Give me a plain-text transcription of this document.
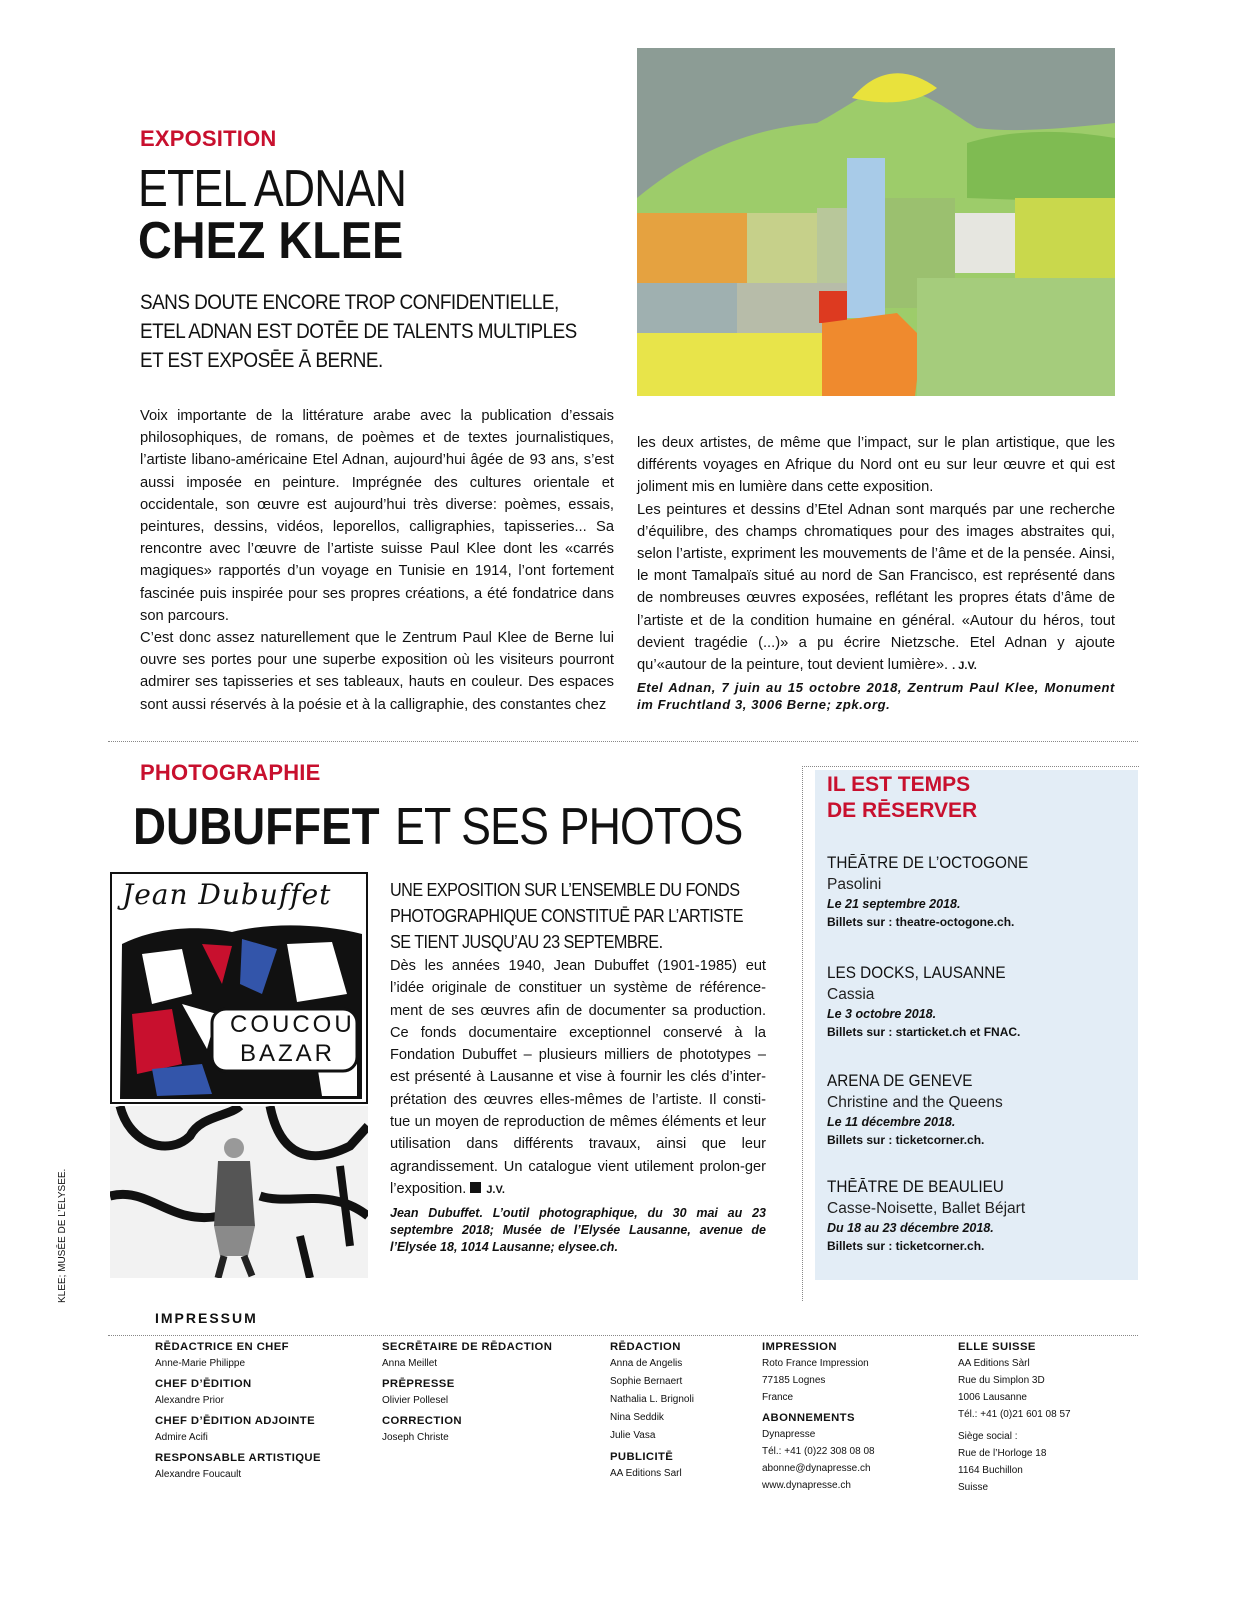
EXPOSITION
ETEL ADNAN
CHEZ KLEE
SANS DOUTE ENCORE TROP CONFIDENTIELLE,
ETEL ADNAN EST DOTĒE DE TALENTS MULTIPLES
ET EST EXPOSĒE Ā BERNE.

Voix importante de la littérature arabe avec la publication d’essais philosophiques, de romans, de poèmes et de textes journalistiques, l’artiste libano-américaine Etel Adnan, aujourd’hui âgée de 93 ans, s’est aussi imposée en peinture. Imprégnée des cultures orientale et occidentale, son œuvre est aujourd’hui très diverse: poèmes, essais, peintures, dessins, vidéos, leporellos, calligraphies, tapisseries... Sa rencontre avec l’œuvre de l’artiste suisse Paul Klee dont les «carrés magiques» rapportés d’un voyage en Tunisie en 1914, l’ont fortement fascinée puis inspirée pour ses propres créations, a été fondatrice dans son parcours.

C’est donc assez naturellement que le Zentrum Paul Klee de Berne lui ouvre ses portes pour une superbe exposition où les visiteurs pourront admirer ses tapisseries et ses tableaux, hauts en couleur. Des espaces sont aussi réservés à la poésie et à la calligraphie, des constantes chez

les deux artistes, de même que l’impact, sur le plan artistique, que les différents voyages en Afrique du Nord ont eu sur leur œuvre et qui est joliment mis en lumière dans cette exposition.

Les peintures et dessins d’Etel Adnan sont marqués par une recherche d’équilibre, des champs chromatiques pour des images abstraites qui, selon l’artiste, expriment les mouvements de l’âme et de la pensée. Ainsi, le mont Tamalpaïs situé au nord de San Francisco, est représenté dans de nombreuses œuvres exposées, reflétant les propres états d’âme de l’artiste et de la condition humaine en général. «Autour du héros, tout devient tragédie (...)» a pu écrire Nietzsche. Etel Adnan y ajoute qu’«autour de la peinture, tout devient lumière». . J.V.

Etel Adnan, 7 juin au 15 octobre 2018, Zentrum Paul Klee, Monument im Fruchtland 3, 3006 Berne; zpk.org.
PHOTOGRAPHIE
DUBUFFET ET SES PHOTOS
Jean Dubuffet
COUCOU
BAZAR
UNE EXPOSITION SUR L’ENSEMBLE DU FONDS
PHOTOGRAPHIQUE CONSTITUĒ PAR L’ARTISTE
SE TIENT JUSQU’AU 23 SEPTEMBRE.

Dès les années 1940, Jean Dubuffet (1901-1985) eut l’idée originale de constituer un système de référence-ment de ses œuvres afin de documenter sa production. Ce fonds documentaire exceptionnel conservé à la Fondation Dubuffet – plusieurs milliers de phototypes – est présenté à Lausanne et vise à fournir les clés d’inter-prétation des œuvres elles-mêmes de l’artiste. Il consti-tue un moyen de reproduction de mêmes éléments et leur utilisation dans différents travaux, ainsi que leur agrandissement. Un catalogue vient utilement prolon-ger l’exposition. J.V.

Jean Dubuffet. L’outil photographique, du 30 mai au 23 septembre 2018; Musée de l’Elysée Lausanne, avenue de l’Elysée 18, 1014 Lausanne; elysee.ch.
KLEE; MUSĒE DE L’ELYSEE.
IL EST TEMPS
DE RĒSERVER
THĒĀTRE DE L’OCTOGONE
Pasolini
Le 21 septembre 2018.
Billets sur : theatre-octogone.ch.
LES DOCKS, LAUSANNE
Cassia
Le 3 octobre 2018.
Billets sur : starticket.ch et FNAC.
ARENA DE GENEVE
Christine and the Queens
Le 11 décembre 2018.
Billets sur : ticketcorner.ch.
THĒĀTRE DE BEAULIEU
Casse-Noisette, Ballet Béjart
Du 18 au 23 décembre 2018.
Billets sur : ticketcorner.ch.
IMPRESSUM
RĒDACTRICE EN CHEF
Anne-Marie Philippe
CHEF D’ĒDITION
Alexandre Prior
CHEF D’ĒDITION ADJOINTE
Admire Acifi
RESPONSABLE ARTISTIQUE
Alexandre Foucault
SECRĒTAIRE DE RĒDACTION
Anna Meillet
PRĒPRESSE
Olivier Pollesel
CORRECTION
Joseph Christe
RĒDACTION
Anna de Angelis
Sophie Bernaert
Nathalia L. Brignoli
Nina Seddik
Julie Vasa
PUBLICITĒ
AA Editions Sarl
IMPRESSION
Roto France Impression
77185 Lognes
France
ABONNEMENTS
Dynapresse
Tél.: +41 (0)22 308 08 08
abonne@dynapresse.ch
www.dynapresse.ch
ELLE SUISSE
AA Editions Sàrl
Rue du Simplon 3D
1006 Lausanne
Tél.: +41 (0)21 601 08 57
Siège social :
Rue de l’Horloge 18
1164 Buchillon
Suisse
